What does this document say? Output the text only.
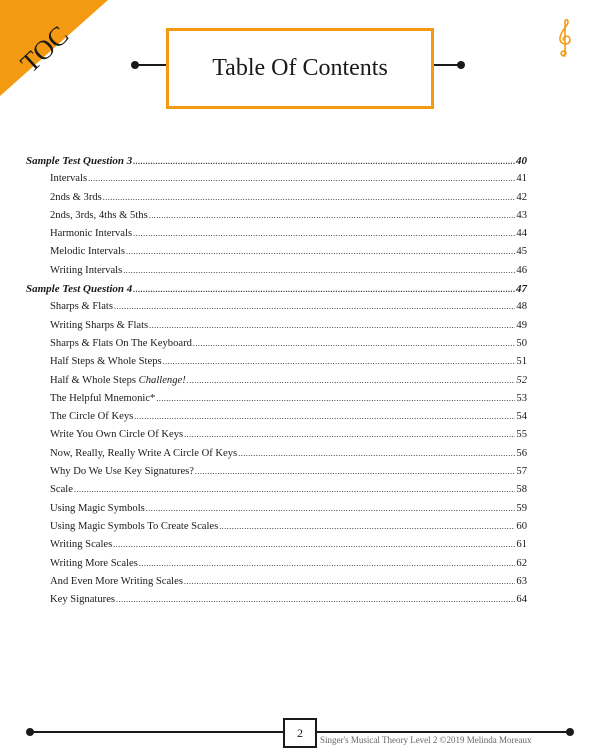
TOC	Table Of Contents
Sample Test Question 3 .....	40
Intervals .....	41
2nds & 3rds .....	42
2nds, 3rds, 4ths & 5ths .....	43
Harmonic Intervals .....	44
Melodic Intervals .....	45
Writing Intervals .....	46
Sample Test Question 4 .....	47
Sharps & Flats .....	48
Writing Sharps & Flats .....	49
Sharps & Flats On The Keyboard .....	50
Half Steps & Whole Steps .....	51
Half & Whole Steps Challenge! .....	52
The Helpful Mnemonic* .....	53
The Circle Of Keys .....	54
Write You Own Circle Of Keys .....	55
Now, Really, Really Write A Circle Of Keys .....	56
Why Do We Use Key Signatures? .....	57
Scale .....	58
Using Magic Symbols .....	59
Using Magic Symbols To Create Scales .....	60
Writing Scales .....	61
Writing More Scales .....	62
And Even More Writing Scales .....	63
Key Signatures .....	64
2
Singer's Musical Theory Level 2 ©2019 Melinda Moreaux
